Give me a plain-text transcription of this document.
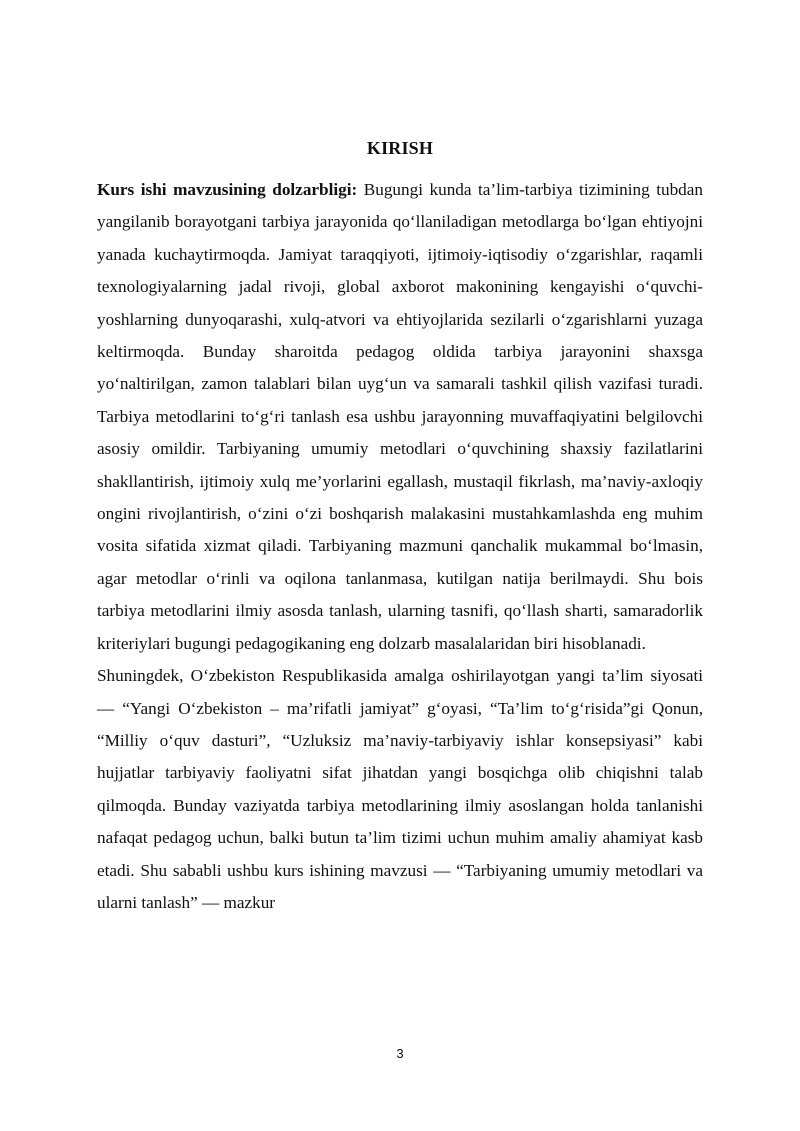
KIRISH

Kurs ishi mavzusining dolzarbligi: Bugungi kunda ta’lim-tarbiya tizimining tubdan yangilanib borayotgani tarbiya jarayonida qo‘llaniladigan metodlarga bo‘lgan ehtiyojni yanada kuchaytirmoqda. Jamiyat taraqqiyoti, ijtimoiy-iqtisodiy o‘zgarishlar, raqamli texnologiyalarning jadal rivoji, global axborot makonining kengayishi o‘quvchi-yoshlarning dunyoqarashi, xulq-atvori va ehtiyojlarida sezilarli o‘zgarishlarni yuzaga keltirmoqda. Bunday sharoitda pedagog oldida tarbiya jarayonini shaxsga yo‘naltirilgan, zamon talablari bilan uyg‘un va samarali tashkil qilish vazifasi turadi. Tarbiya metodlarini to‘g‘ri tanlash esa ushbu jarayonning muvaffaqiyatini belgilovchi asosiy omildir. Tarbiyaning umumiy metodlari o‘quvchining shaxsiy fazilatlarini shakllantirish, ijtimoiy xulq me’yorlarini egallash, mustaqil fikrlash, ma’naviy-axloqiy ongini rivojlantirish, o‘zini o‘zi boshqarish malakasini mustahkamlashda eng muhim vosita sifatida xizmat qiladi. Tarbiyaning mazmuni qanchalik mukammal bo‘lmasin, agar metodlar o‘rinli va oqilona tanlanmasa, kutilgan natija berilmaydi. Shu bois tarbiya metodlarini ilmiy asosda tanlash, ularning tasnifi, qo‘llash sharti, samaradorlik kriteriylari bugungi pedagogikaning eng dolzarb masalalaridan biri hisoblanadi.

Shuningdek, O‘zbekiston Respublikasida amalga oshirilayotgan yangi ta’lim siyosati — “Yangi O‘zbekiston – ma’rifatli jamiyat” g‘oyasi, “Ta’lim to‘g‘risida”gi Qonun, “Milliy o‘quv dasturi”, “Uzluksiz ma’naviy-tarbiyaviy ishlar konsepsiyasi” kabi hujjatlar tarbiyaviy faoliyatni sifat jihatdan yangi bosqichga olib chiqishni talab qilmoqda. Bunday vaziyatda tarbiya metodlarining ilmiy asoslangan holda tanlanishi nafaqat pedagog uchun, balki butun ta’lim tizimi uchun muhim amaliy ahamiyat kasb etadi. Shu sababli ushbu kurs ishining mavzusi — “Tarbiyaning umumiy metodlari va ularni tanlash” — mazkur

3
